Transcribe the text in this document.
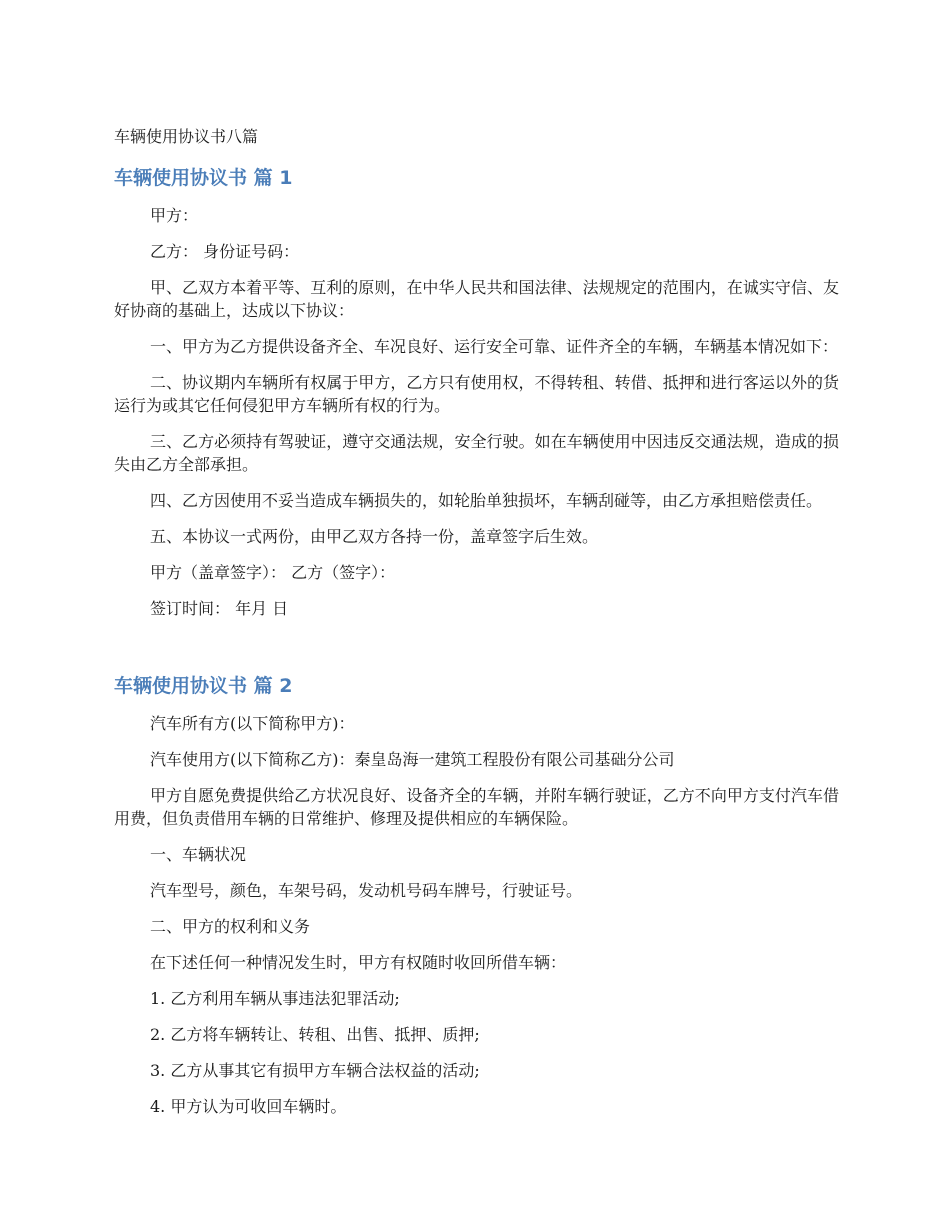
车辆使用协议书八篇
车辆使用协议书 篇 1

甲方：

乙方： 身份证号码：

甲、乙双方本着平等、互利的原则，在中华人民共和国法律、法规规定的范围内，在诚实守信、友好协商的基础上，达成以下协议：

一、甲方为乙方提供设备齐全、车况良好、运行安全可靠、证件齐全的车辆，车辆基本情况如下：

二、协议期内车辆所有权属于甲方，乙方只有使用权，不得转租、转借、抵押和进行客运以外的货运行为或其它任何侵犯甲方车辆所有权的行为。

三、乙方必须持有驾驶证，遵守交通法规，安全行驶。如在车辆使用中因违反交通法规，造成的损失由乙方全部承担。

四、乙方因使用不妥当造成车辆损失的，如轮胎单独损坏，车辆刮碰等，由乙方承担赔偿责任。

五、本协议一式两份，由甲乙双方各持一份，盖章签字后生效。

甲方（盖章签字）： 乙方（签字）：

签订时间： 年月 日

车辆使用协议书 篇 2

汽车所有方(以下简称甲方)：

汽车使用方(以下简称乙方)：秦皇岛海一建筑工程股份有限公司基础分公司

甲方自愿免费提供给乙方状况良好、设备齐全的车辆，并附车辆行驶证，乙方不向甲方支付汽车借用费，但负责借用车辆的日常维护、修理及提供相应的车辆保险。

一、车辆状况

汽车型号，颜色，车架号码，发动机号码车牌号，行驶证号。

二、甲方的权利和义务

在下述任何一种情况发生时，甲方有权随时收回所借车辆：

1. 乙方利用车辆从事违法犯罪活动;

2. 乙方将车辆转让、转租、出售、抵押、质押;

3. 乙方从事其它有损甲方车辆合法权益的活动;

4. 甲方认为可收回车辆时。
